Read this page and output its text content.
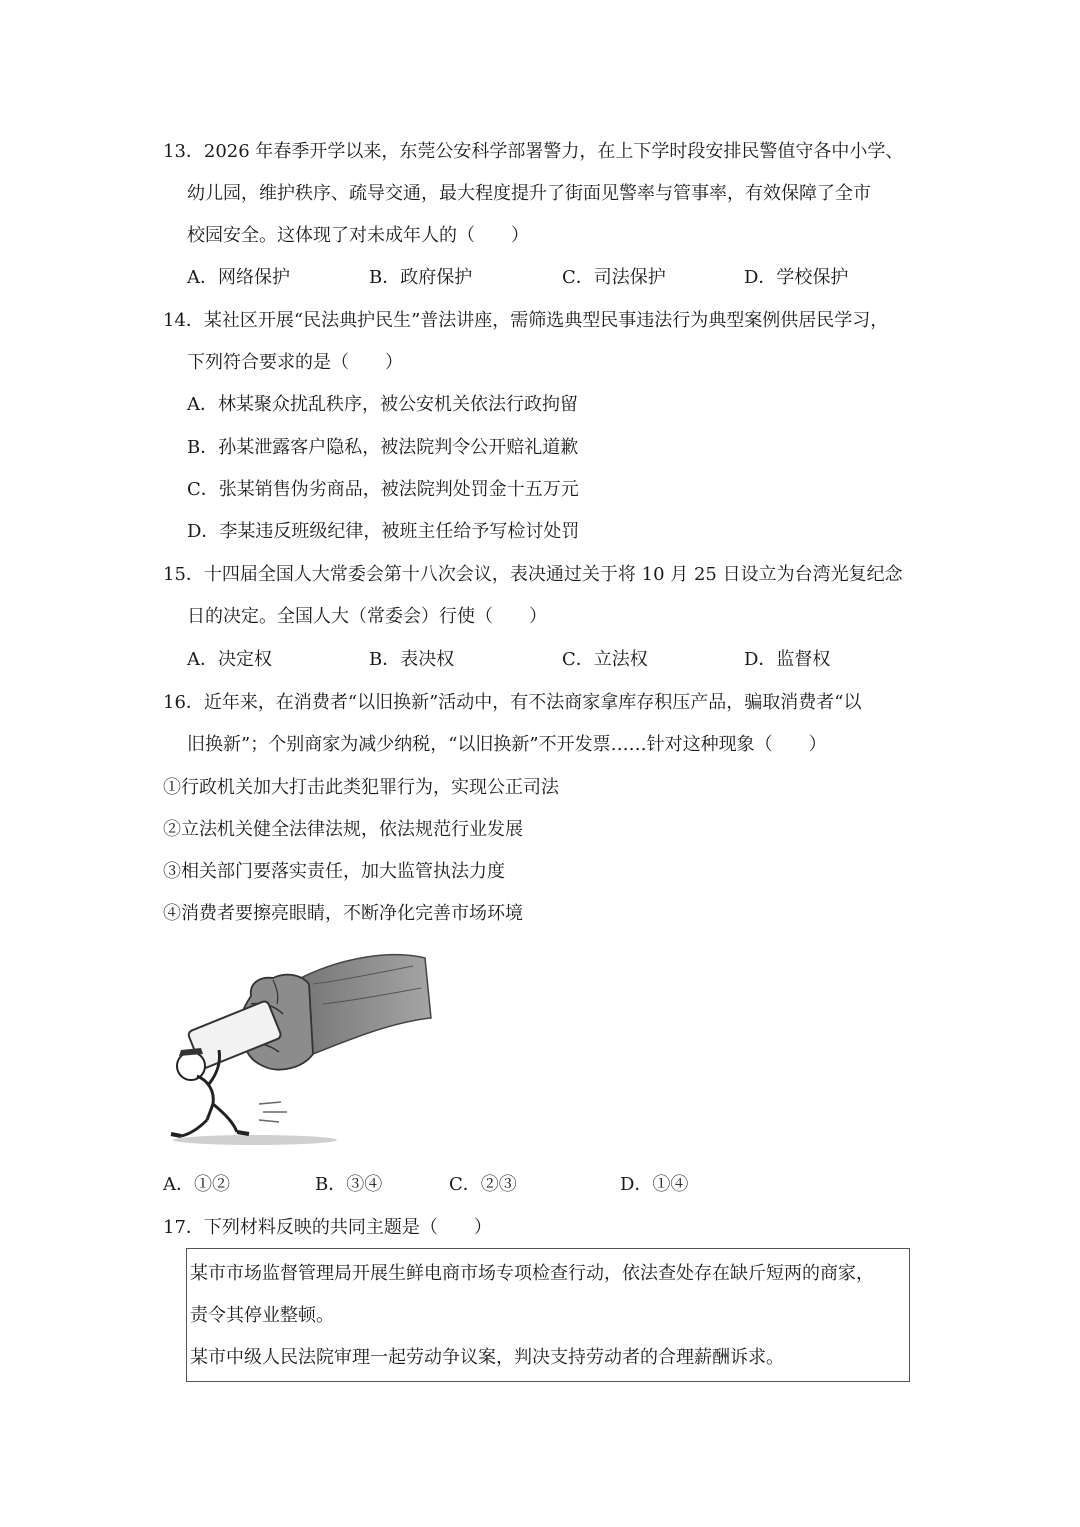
13．2026 年春季开学以来，东莞公安科学部署警力，在上下学时段安排民警值守各中小学、
幼儿园，维护秩序、疏导交通，最大程度提升了街面见警率与管事率，有效保障了全市
校园安全。这体现了对未成年人的（　　）
A．网络保护	B．政府保护	C．司法保护	D．学校保护
14．某社区开展“民法典护民生”普法讲座，需筛选典型民事违法行为典型案例供居民学习，
下列符合要求的是（　　）
A．林某聚众扰乱秩序，被公安机关依法行政拘留
B．孙某泄露客户隐私，被法院判令公开赔礼道歉
C．张某销售伪劣商品，被法院判处罚金十五万元
D．李某违反班级纪律，被班主任给予写检讨处罚
15．十四届全国人大常委会第十八次会议，表决通过关于将 10 月 25 日设立为台湾光复纪念
日的决定。全国人大（常委会）行使（　　）
A．决定权	B．表决权	C．立法权	D．监督权
16．近年来，在消费者“以旧换新”活动中，有不法商家拿库存积压产品，骗取消费者“以
旧换新”；个别商家为减少纳税，“以旧换新”不开发票……针对这种现象（　　）
①行政机关加大打击此类犯罪行为，实现公正司法
②立法机关健全法律法规，依法规范行业发展
③相关部门要落实责任，加大监管执法力度
④消费者要擦亮眼睛，不断净化完善市场环境
A．①②	B．③④	C．②③	D．①④
17．下列材料反映的共同主题是（　　）
某市市场监督管理局开展生鲜电商市场专项检查行动，依法查处存在缺斤短两的商家，
责令其停业整顿。
某市中级人民法院审理一起劳动争议案，判决支持劳动者的合理薪酬诉求。
